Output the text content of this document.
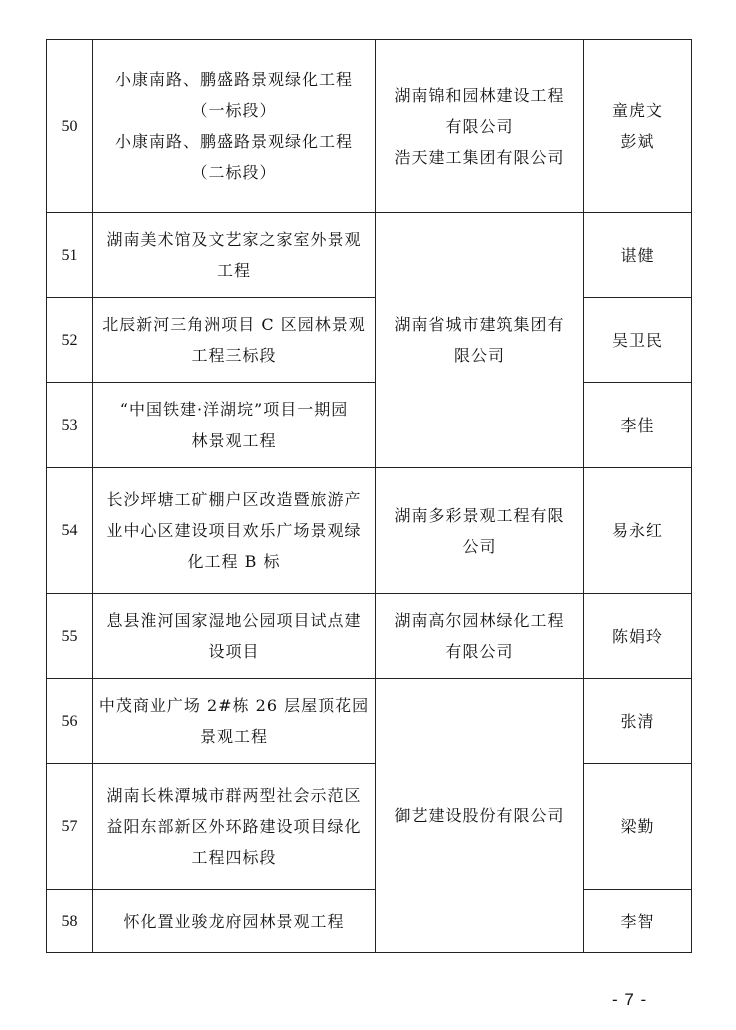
50	小康南路、鹏盛路景观绿化工程
（一标段）
小康南路、鹏盛路景观绿化工程
（二标段）	湖南锦和园林建设工程
有限公司
浩天建工集团有限公司	童虎文
彭斌

51	湖南美术馆及文艺家之家室外景观
工程	湖南省城市建筑集团有
限公司	谌健

52	北辰新河三角洲项目 C 区园林景观
工程三标段		吴卫民

53	“中国铁建·洋湖垸”项目一期园
林景观工程		李佳

54	长沙坪塘工矿棚户区改造暨旅游产
业中心区建设项目欢乐广场景观绿
化工程 B 标	湖南多彩景观工程有限
公司	易永红

55	息县淮河国家湿地公园项目试点建
设项目	湖南高尔园林绿化工程
有限公司	陈娟玲

56	中茂商业广场 2#栋 26 层屋顶花园
景观工程	御艺建设股份有限公司	张清

57	湖南长株潭城市群两型社会示范区
益阳东部新区外环路建设项目绿化
工程四标段		梁勤

58	怀化置业骏龙府园林景观工程		李智
- 7 -
